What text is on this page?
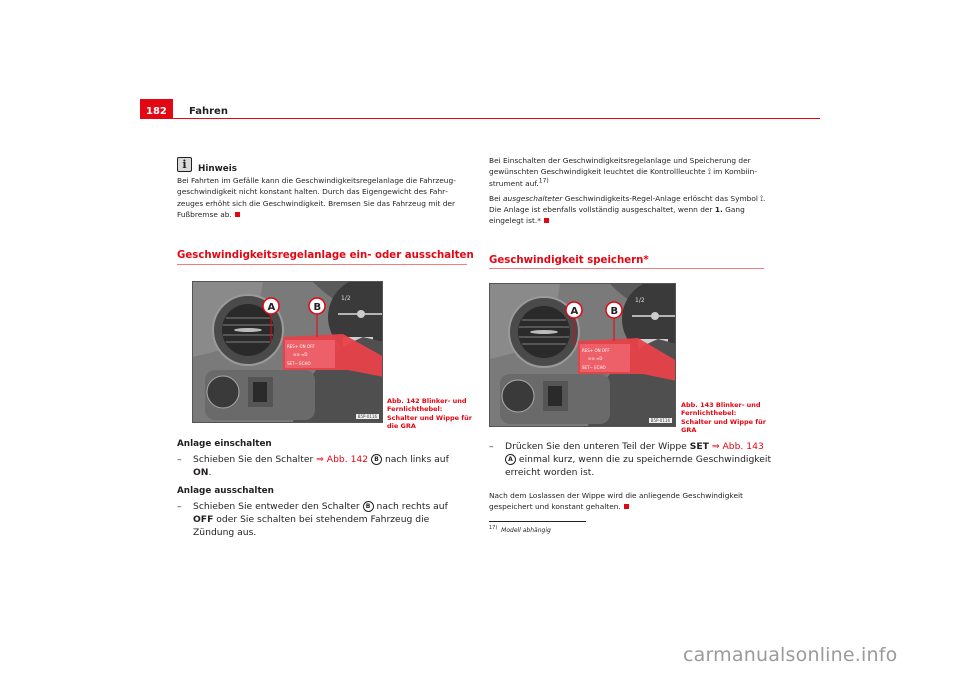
182 Fahren
i	Hinweis
Bei Fahrten im Gefälle kann die Geschwindigkeitsregelanlage die Fahrzeuggeschwindigkeit nicht konstant halten. Durch das Eigengewicht des Fahrzeuges erhöht sich die Geschwindigkeit. Bremsen Sie das Fahrzeug mit der Fußbremse ab.

Bei Einschalten der Geschwindigkeitsregelanlage und Speicherung der gewünschten Geschwindigkeit leuchtet die Kontrollleuchte ⟟ im Kombiinstrument auf.$^{17)}$

Bei ausgeschalteter Geschwindigkeits-Regel-Anlage erlöscht das Symbol ⟟. Die Anlage ist ebenfalls vollständig ausgeschaltet, wenn der 1. Gang eingelegt ist.*

Geschwindigkeitsregelanlage ein- oder ausschalten
1/2
RES+ ON OFF
⊖⊖ ≡D
SET− ECHO
A	B
B5P-0116
Abb. 142 Blinker- und Fernlichthebel: Schalter und Wippe für die GRA
Anlage einschalten
–	Schieben Sie den Schalter ⇒ Abb. 142 B nach links auf ON.
Anlage ausschalten
–	Schieben Sie entweder den Schalter B nach rechts auf OFF oder Sie schalten bei stehendem Fahrzeug die Zündung aus.
Geschwindigkeit speichern*
1/2
RES+ ON OFF
⊖⊖ ≡D
SET− ECHO
A	B
B5P-0116
Abb. 143 Blinker- und Fernlichthebel: Schalter und Wippe für GRA
–	Drücken Sie den unteren Teil der Wippe SET ⇒ Abb. 143 A einmal kurz, wenn die zu speichernde Geschwindigkeit erreicht worden ist.
Nach dem Loslassen der Wippe wird die anliegende Geschwindigkeit gespeichert und konstant gehalten.
$^{17)}$ Modell abhängig
carmanualsonline.info
